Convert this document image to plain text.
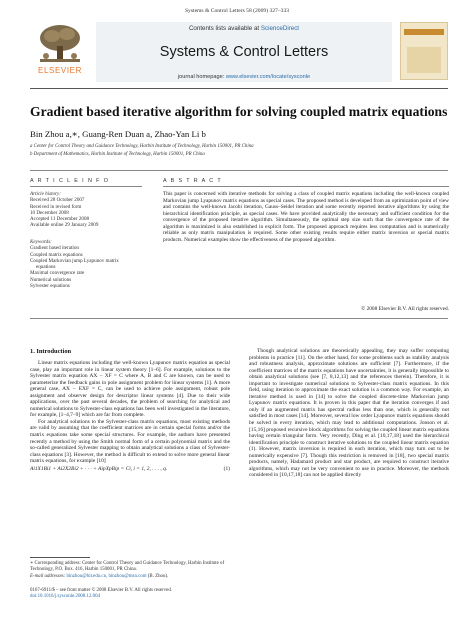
Systems & Control Letters 58 (2009) 327–333
ELSEVIER
Contents lists available at ScienceDirect
Systems & Control Letters
journal homepage: www.elsevier.com/locate/sysconle
Gradient based iterative algorithm for solving coupled matrix equations
Bin Zhou a,∗, Guang-Ren Duan a, Zhao-Yan Li b
a Center for Control Theory and Guidance Technology, Harbin Institute of Technology, Harbin 150001, PR China
b Department of Mathematics, Harbin Institute of Technology, Harbin 150001, PR China
A R T I C L E I N F O	A B S T R A C T
Article history:
Received 28 October 2007
Received in revised form
10 December 2008
Accepted 11 December 2008
Available online 29 January 2009
Keywords:
Gradient based iteration
Coupled matrix equations
Coupled Markovian jump Lyapunov matrix
equations
Maximal convergence rate
Numerical solutions
Sylvester equations
This paper is concerned with iterative methods for solving a class of coupled matrix equations including the well-known coupled Markovian jump Lyapunov matrix equations as special cases. The proposed method is developed from an optimization point of view and contains the well-known Jacobi iteration, Gauss–Seidel iteration and some recently reported iterative algorithms by using the hierarchical identification principle, as special cases. We have provided analytically the necessary and sufficient condition for the convergence of the proposed iterative algorithm. Simultaneously, the optimal step size such that the convergence rate of the algorithm is maximized is also established in explicit form. The proposed approach requires less computation and is numerically reliable as only matrix manipulation is required. Some other existing results require either matrix inversion or special matrix products. Numerical examples show the effectiveness of the proposed algorithm.
© 2008 Elsevier B.V. All rights reserved.
1. Introduction

Linear matrix equations including the well-known Lyapunov matrix equation as special case, play an important role in linear system theory [1–6]. For example, solutions to the Sylvester matrix equation AX − XF = C where A, B and C are known, can be used to parameterize the feedback gains in pole assignment problem for linear systems [1]. A more general case, AX − EXF = C, can be used to achieve pole assignment, robust pole assignment and observer design for descriptor linear systems [4]. Due to their wide applications, over the past several decades, the problem of searching for analytical and numerical solutions to Sylvester-class equations has been well investigated in the literature, for example, [1–4,7–9] which are far from complete.

For analytical solutions to the Sylvester-class matrix equations, most existing methods are valid by assuming that the coefficient matrices are in certain special forms and/or the matrix equations take some special structures. For example, the authors have presented recently a method by using the Smith normal form of a certain polynomial matrix and the so-called generalized Sylvester mapping to obtain analytical solutions a class of Sylvester-class equations [3]. However, the method is difficult to extend to solve more general linear matrix equations, for example [10]

Ai1X1Bi1 + Ai2X2Bi2 + · · · + AipXpBip = Ci, i = 1, 2, . . . , q.	(1)

Though analytical solutions are theoretically appealing, they may suffer computing problems in practice [11]. On the other hand, for some problems such as stability analysis and robustness analysis, approximate solutions are sufficient [7]. Furthermore, if the coefficient matrices of the matrix equations have uncertainties, it is generally impossible to obtain analytical solutions (see [7, 8,12,13] and the references therein). Therefore, it is important to investigate numerical solutions to Sylvester-class matrix equations. In this field, using iteration to approximate the exact solution is a common way. For example, an iterative method is used in [14] to solve the coupled discrete-time Markovian jump Lyapunov matrix equations. It is proven in this paper that the iteration converges if and only if an augmented matrix has spectral radius less than one, which is generally not satisfied in most cases [14]. Moreover, several low order Lyapunov matrix equations should be solved in every iteration, which may lead to additional computations. Jonson et al. [15,16] proposed recursive block algorithms for solving the coupled linear matrix equations having certain triangular form. Very recently, Ding et al. [10,17,18] used the hierarchical identification principle to construct iterative solutions to the coupled linear matrix equation (1). However, matrix inversion is required in each iteration, which may turn out to be numerically expensive [7]. Though this restriction is removed in [18], two special matrix products, namely, Hadamard product and star product, are required to construct iterative algorithms, which may not be very convenient to use in practice. Moreover, the methods considered in [10,17,18] can not be applied directly

∗ Corresponding address: Center for Control Theory and Guidance Technology, Harbin Institute of Technology, P.O. Box. 416, Harbin 150001, PR China.
E-mail addresses: binzhou@hit.edu.cn, binzhou@msn.com (B. Zhou).
0167-6911/$ – see front matter © 2008 Elsevier B.V. All rights reserved.
doi:10.1016/j.sysconle.2008.12.004
